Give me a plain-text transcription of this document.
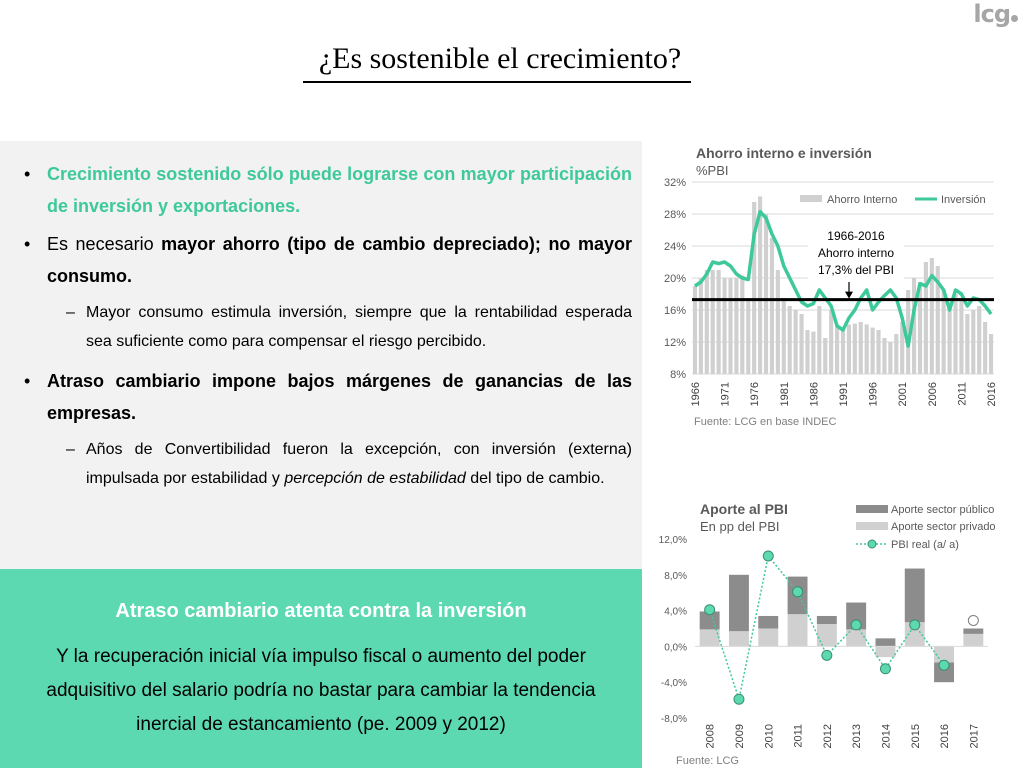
lcg
¿Es sostenible el crecimiento?
• Crecimiento sostenido sólo puede lograrse con mayor participación de inversión y exportaciones.
• Es necesario mayor ahorro (tipo de cambio depreciado); no mayor consumo.
– Mayor consumo estimula inversión, siempre que la rentabilidad esperada sea suficiente como para compensar el riesgo percibido.
• Atraso cambiario impone bajos márgenes de ganancias de las empresas.
– Años de Convertibilidad fueron la excepción, con inversión (externa) impulsada por estabilidad y percepción de estabilidad del tipo de cambio.
Atraso cambiario atenta contra la inversión
Y la recuperación inicial vía impulso fiscal o aumento del poder adquisitivo del salario podría no bastar para cambiar la tendencia inercial de estancamiento (pe. 2009 y 2012)
Ahorro interno e inversión
%PBI
8%
12%
16%
20%
24%
28%
32%
1966-2016
Ahorro interno
17,3% del PBI
Ahorro Interno	Inversión
1966 1971 1976 1981 1986 1991 1996 2001 2006 2011 2016
Fuente: LCG en base INDEC
Aporte al PBI
En pp del PBI
Aporte sector público
Aporte sector privado
PBI real (a/ a)
-8,0%
-4,0%
0,0%
4,0%
8,0%
12,0%
2008 2009 2010 2011 2012 2013 2014 2015 2016 2017
Fuente: LCG
